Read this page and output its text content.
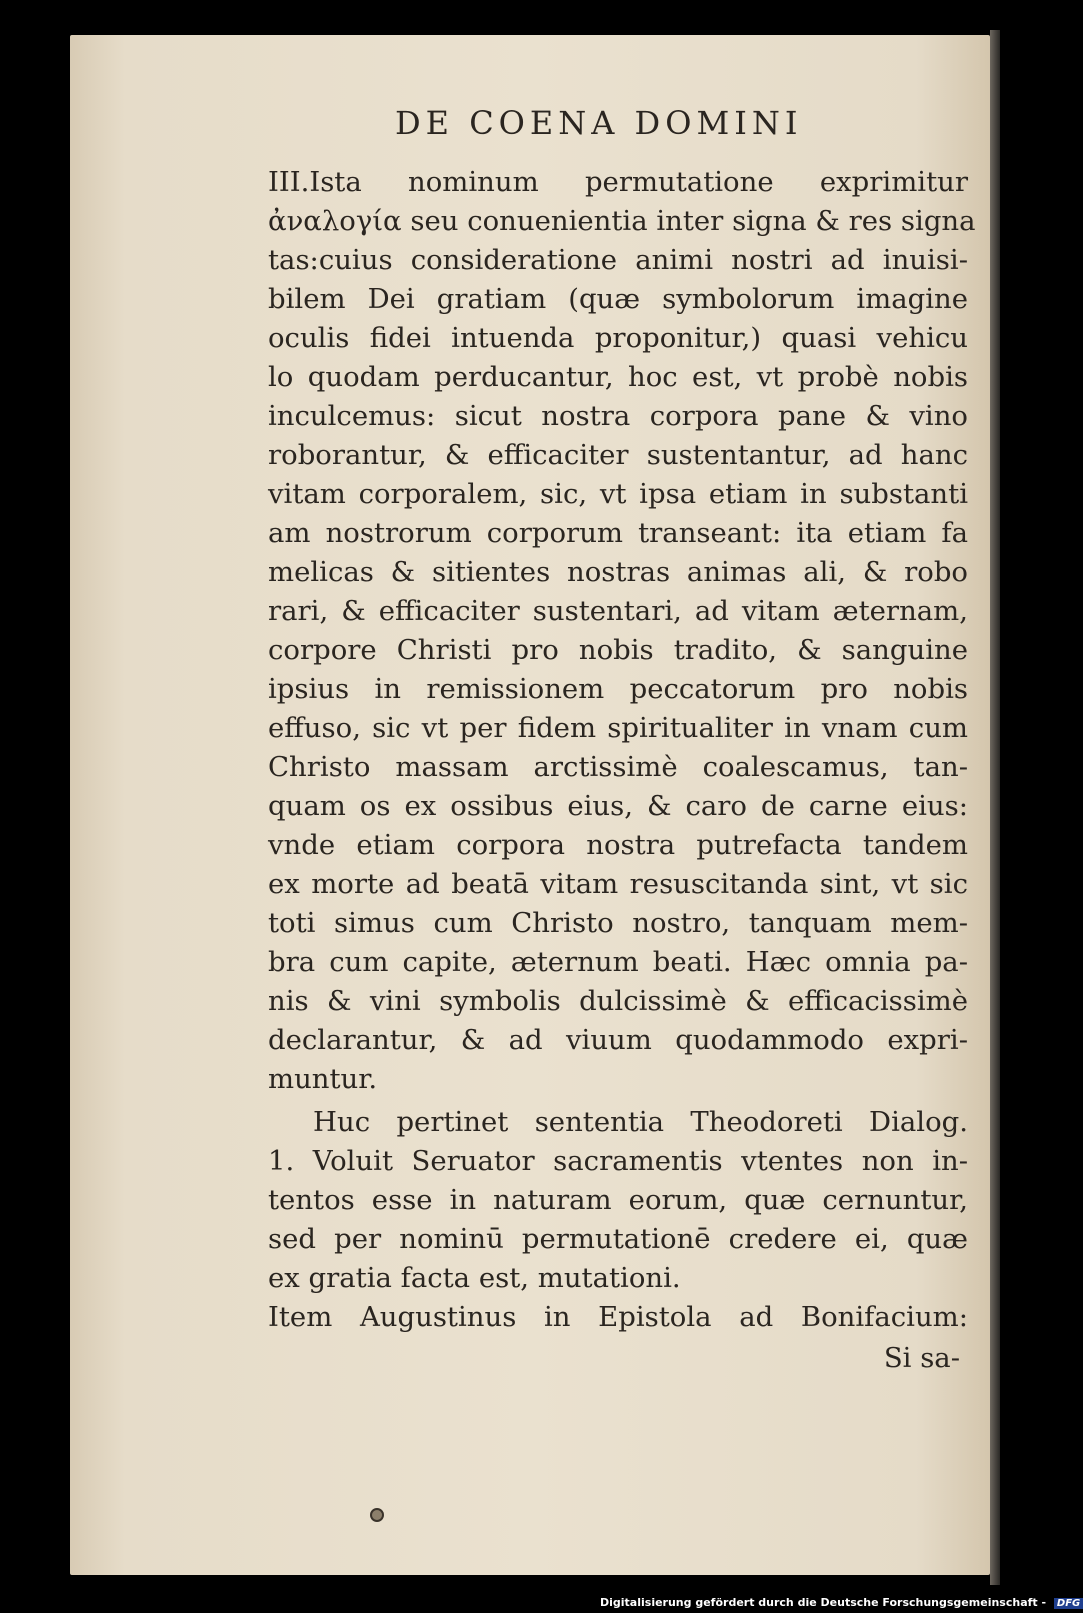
DE COENA DOMINI
III.Ista nominum permutatione exprimitur
ἀναλογία seu conuenientia inter signa & res signa
tas:cuius consideratione animi nostri ad inuisi-
bilem Dei gratiam (quæ symbolorum imagine
oculis fidei intuenda proponitur,) quasi vehicu
lo quodam perducantur, hoc est, vt probè nobis
inculcemus: sicut nostra corpora pane & vino
roborantur, & efficaciter sustentantur, ad hanc
vitam corporalem, sic, vt ipsa etiam in substanti
am nostrorum corporum transeant: ita etiam fa
melicas & sitientes nostras animas ali, & robo
rari, & efficaciter sustentari, ad vitam æternam,
corpore Christi pro nobis tradito, & sanguine
ipsius in remissionem peccatorum pro nobis
effuso, sic vt per fidem spiritualiter in vnam cum
Christo massam arctissimè coalescamus, tan-
quam os ex ossibus eius, & caro de carne eius:
vnde etiam corpora nostra putrefacta tandem
ex morte ad beatā vitam resuscitanda sint, vt sic
toti simus cum Christo nostro, tanquam mem-
bra cum capite, æternum beati. Hæc omnia pa-
nis & vini symbolis dulcissimè & efficacissimè
declarantur, & ad viuum quodammodo expri-
muntur.
Huc pertinet sententia Theodoreti Dialog.
1. Voluit Seruator sacramentis vtentes non in-
tentos esse in naturam eorum, quæ cernuntur,
sed per nominū permutationē credere ei, quæ
ex gratia facta est, mutationi.
Item Augustinus in Epistola ad Bonifacium:
Si sa-
Digitalisierung gefördert durch die Deutsche Forschungsgemeinschaft - DFG
